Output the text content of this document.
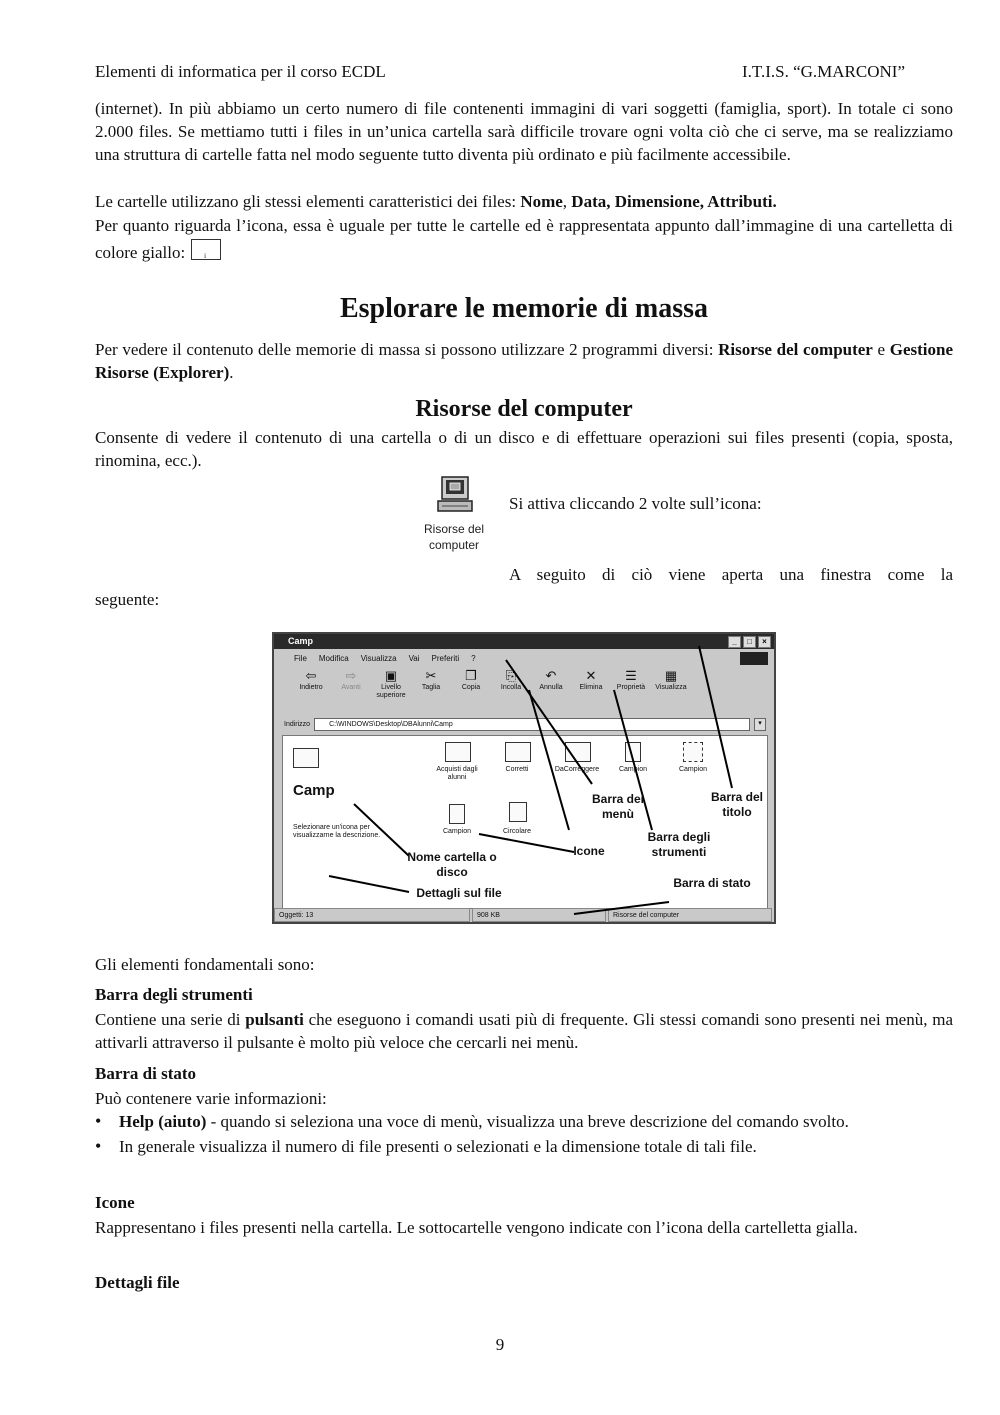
Elementi di informatica per il corso ECDL	I.T.I.S. “G.MARCONI”
(internet). In più abbiamo un certo numero di file contenenti immagini di vari soggetti (famiglia, sport). In totale ci sono 2.000 files. Se mettiamo tutti i files in un’unica cartella sarà difficile trovare ogni volta ciò che ci serve, ma se realizziamo una struttura di cartelle fatta nel modo seguente tutto diventa più ordinato e più facilmente accessibile.
Le cartelle utilizzano gli stessi elementi caratteristici dei files: Nome, Data, Dimensione, Attributi.
Per quanto riguarda l’icona, essa è uguale per tutte le cartelle ed è rappresentata appunto dall’immagine di una cartelletta di colore giallo:	i
Esplorare le memorie di massa
Per vedere il contenuto delle memorie di massa si possono utilizzare 2 programmi diversi: Risorse del computer e Gestione Risorse (Explorer).
Risorse del computer
Consente di vedere il contenuto di una cartella o di un disco e di effettuare operazioni sui files presenti (copia, sposta, rinomina, ecc.).
Risorse del
computer
Si attiva cliccando 2 volte sull’icona:
A seguito di ciò viene aperta una finestra come la
seguente:
Camp	_	□	×
File Modifica Visualizza Vai Preferiti ?
⇦
Indietro
⇨
Avanti
▣
Livello superiore
✂
Taglia
❐
Copia
⎘
Incolla
↶
Annulla
✕
Elimina
☰
Proprietà
▦
Visualizza
Indirizzo	C:\WINDOWS\Desktop\DBAlunni\Camp	▾
Camp
Selezionare un'icona per visualizzarne la descrizione.
Acquisti dagli alunni
Corretti	DaCorreggere	Campion	Campion
Campion	Circolare
Oggetti: 13	908 KB	Risorse del computer
Barra dei menù
Barra del titolo
Barra degli strumenti
Icone
Nome cartella o disco
Dettagli sul file
Barra di stato
Gli elementi fondamentali sono:
Barra degli strumenti
Contiene una serie di pulsanti che eseguono i comandi usati più di frequente. Gli stessi comandi sono presenti nei menù, ma attivarli attraverso il pulsante è molto più veloce che cercarli nei menù.
Barra di stato
Può contenere varie informazioni:
• Help (aiuto) - quando si seleziona una voce di menù, visualizza una breve descrizione del comando svolto.
• In generale visualizza il numero di file presenti o selezionati e la dimensione totale di tali file.
Icone
Rappresentano i files presenti nella cartella. Le sottocartelle vengono indicate con l’icona della cartelletta gialla.
Dettagli file
9
